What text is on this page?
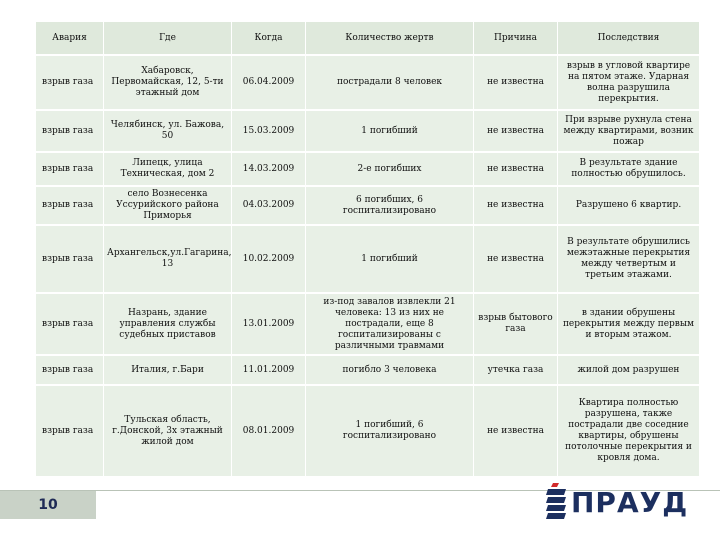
Авария	Где	Когда	Количество жертв	Причина	Последствия
взрыв газа	Хабаровск, Первомайская, 12, 5-ти этажный дом	06.04.2009	пострадали 8 человек	не известна	взрыв в угловой квартире на пятом этаже. Ударная волна разрушила перекрытия.
взрыв газа	Челябинск, ул. Бажова, 50	15.03.2009	1 погибший	не известна	При взрыве рухнула стена между квартирами, возник пожар
взрыв газа	Липецк, улица Техническая, дом 2	14.03.2009	2-е погибших	не известна	В результате здание полностью обрушилось.
взрыв газа	село Вознесенка Уссурийского района Приморья	04.03.2009	6 погибших, 6 госпитализировано	не известна	Разрушено 6 квартир.
взрыв газа	Архангельск,ул.Гагарина, 13	10.02.2009	1 погибший	не известна	В результате обрушились межэтажные перекрытия между четвертым и третьим этажами.
взрыв газа	Назрань, здание управления службы судебных приставов	13.01.2009	из-под завалов извлекли 21 человека: 13 из них не пострадали, еще 8 госпитализированы с различными травмами	взрыв бытового газа	в здании обрушены перекрытия между первым и вторым этажом.
взрыв газа	Италия, г.Бари	11.01.2009	погибло 3 человека	утечка газа	жилой дом разрушен
взрыв газа	Тульская область, г.Донской, 3х этажный жилой дом	08.01.2009	1 погибший, 6 госпитализировано	не известна	Квартира полностью разрушена, также пострадали две соседние квартиры, обрушены потолочные перекрытия и кровля дома.
10	ПРАУД
